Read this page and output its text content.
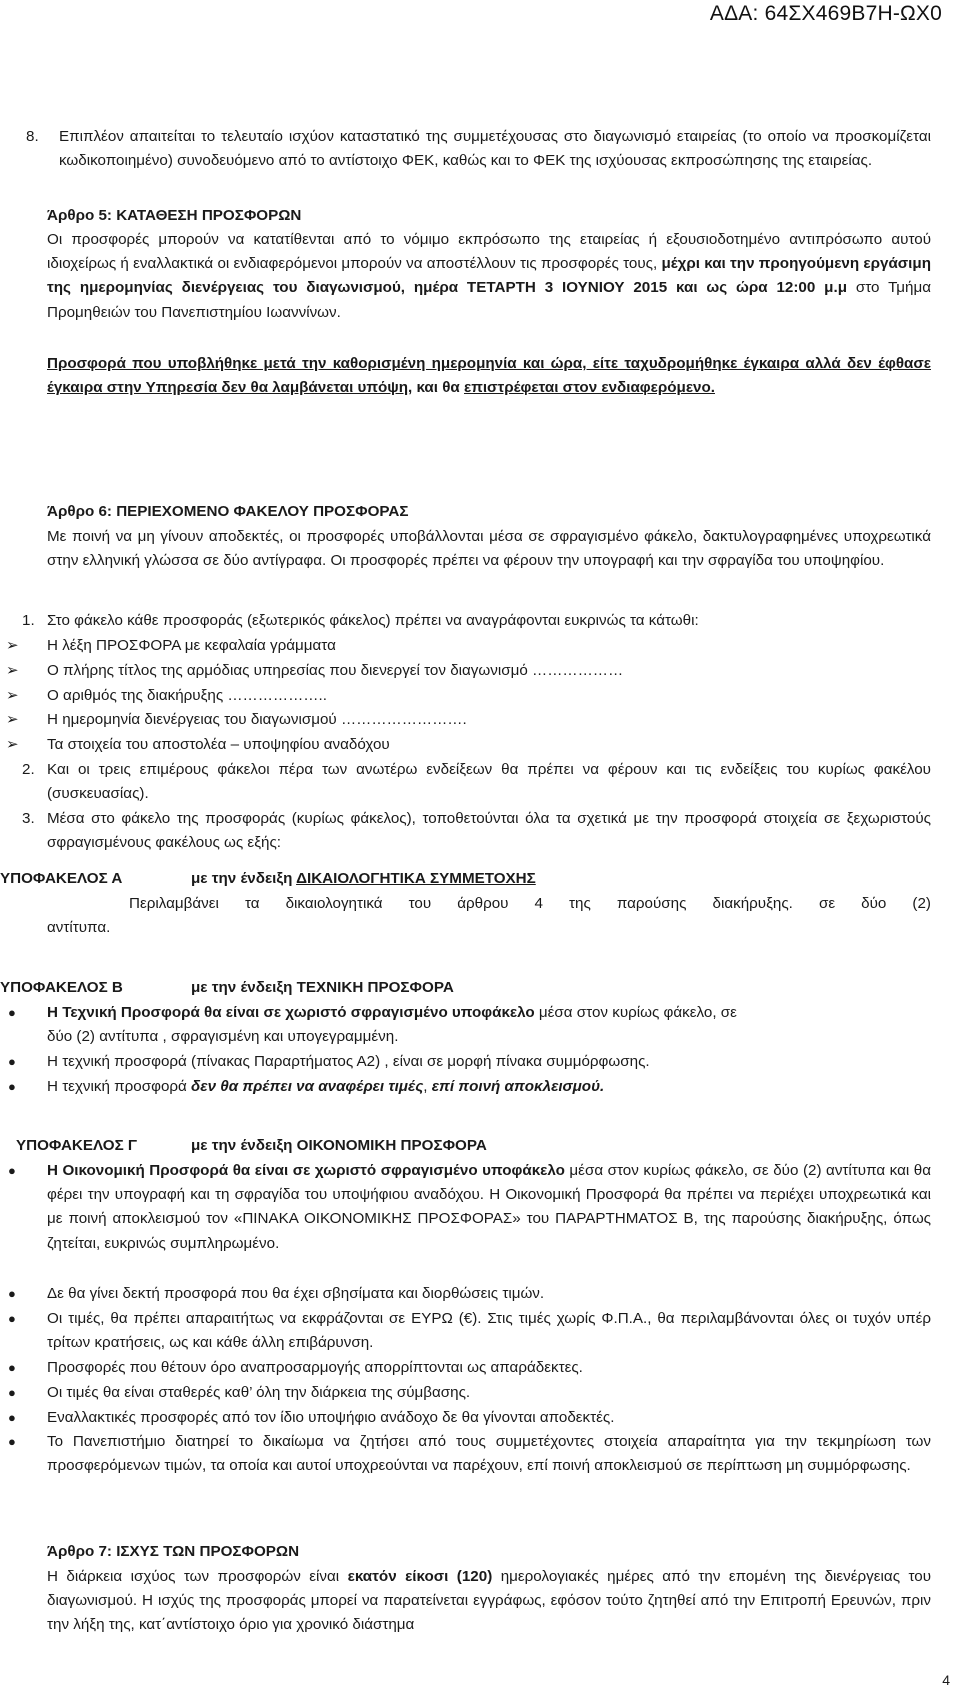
ΑΔΑ: 64ΣΧ469Β7Η-ΩΧ0
8. Επιπλέον απαιτείται το τελευταίο ισχύον καταστατικό της συμμετέχουσας στο διαγωνισμό εταιρείας (το οποίο να προσκομίζεται κωδικοποιημένο) συνοδευόμενο από το αντίστοιχο ΦΕΚ, καθώς και το ΦΕΚ της ισχύουσας εκπροσώπησης της εταιρείας.
Άρθρο 5: ΚΑΤΑΘΕΣΗ ΠΡΟΣΦΟΡΩΝ
Οι προσφορές μπορούν να κατατίθενται από το νόμιμο εκπρόσωπο της εταιρείας ή εξουσιοδοτημένο αντιπρόσωπο αυτού ιδιοχείρως ή εναλλακτικά οι ενδιαφερόμενοι μπορούν να αποστέλλουν τις προσφορές τους, μέχρι και την προηγούμενη εργάσιμη της ημερομηνίας διενέργειας του διαγωνισμού, ημέρα ΤΕΤΑΡΤΗ 3 ΙΟΥΝΙΟΥ 2015 και ως ώρα 12:00 μ.μ στο Τμήμα Προμηθειών του Πανεπιστημίου Ιωαννίνων.
Προσφορά που υποβλήθηκε μετά την καθορισμένη ημερομηνία και ώρα, είτε ταχυδρομήθηκε έγκαιρα αλλά δεν έφθασε έγκαιρα στην Υπηρεσία δεν θα λαμβάνεται υπόψη, και θα επιστρέφεται στον ενδιαφερόμενο.
Άρθρο 6: ΠΕΡΙΕΧΟΜΕΝΟ ΦΑΚΕΛΟΥ ΠΡΟΣΦΟΡΑΣ
Με ποινή να μη γίνουν αποδεκτές, οι προσφορές υποβάλλονται μέσα σε σφραγισμένο φάκελο, δακτυλογραφημένες υποχρεωτικά στην ελληνική γλώσσα σε δύο αντίγραφα. Οι προσφορές πρέπει να φέρουν την υπογραφή και την σφραγίδα του υποψηφίου.
1. Στο φάκελο κάθε προσφοράς (εξωτερικός φάκελος) πρέπει να αναγράφονται ευκρινώς τα κάτωθι:
➢ Η λέξη ΠΡΟΣΦΟΡΑ με κεφαλαία γράμματα
➢ Ο πλήρης τίτλος της αρμόδιας υπηρεσίας που διενεργεί τον διαγωνισμό ………………
➢ Ο αριθμός της διακήρυξης ………………..
➢ Η ημερομηνία διενέργειας του διαγωνισμού …………………….
➢ Τα στοιχεία του αποστολέα – υποψηφίου αναδόχου
2. Και οι τρεις επιμέρους φάκελοι πέρα των ανωτέρω ενδείξεων θα πρέπει να φέρουν και τις ενδείξεις του κυρίως φακέλου (συσκευασίας).
3. Μέσα στο φάκελο της προσφοράς (κυρίως φάκελος), τοποθετούνται όλα τα σχετικά με την προσφορά στοιχεία σε ξεχωριστούς σφραγισμένους φακέλους ως εξής:
ΥΠΟΦΑΚΕΛΟΣ Α	με την ένδειξη ΔΙΚΑΙΟΛΟΓΗΤΙΚΑ ΣΥΜΜΕΤΟΧΗΣ
Περιλαμβάνει τα δικαιολογητικά του άρθρου 4 της παρούσης διακήρυξης. σε δύο (2)
αντίτυπα.
ΥΠΟΦΑΚΕΛΟΣ Β	με την ένδειξη ΤΕΧΝΙΚΗ ΠΡΟΣΦΟΡΑ
● Η Τεχνική Προσφορά θα είναι σε χωριστό σφραγισμένο υποφάκελο μέσα στον κυρίως φάκελο, σε
δύο (2) αντίτυπα , σφραγισμένη και υπογεγραμμένη.
● Η τεχνική προσφορά (πίνακας Παραρτήματος Α2) , είναι σε μορφή πίνακα συμμόρφωσης.
● Η τεχνική προσφορά δεν θα πρέπει να αναφέρει τιμές, επί ποινή αποκλεισμού.
ΥΠΟΦΑΚΕΛΟΣ Γ	με την ένδειξη ΟΙΚΟΝΟΜΙΚΗ ΠΡΟΣΦΟΡΑ
● Η Οικονομική Προσφορά θα είναι σε χωριστό σφραγισμένο υποφάκελο μέσα στον κυρίως φάκελο, σε δύο (2) αντίτυπα και θα φέρει την υπογραφή και τη σφραγίδα του υποψήφιου αναδόχου. Η Οικονομική Προσφορά θα πρέπει να περιέχει υποχρεωτικά και με ποινή αποκλεισμού τον «ΠΙΝΑΚΑ ΟΙΚΟΝΟΜΙΚΗΣ ΠΡΟΣΦΟΡΑΣ» του ΠΑΡΑΡΤΗΜΑΤΟΣ Β, της παρούσης διακήρυξης, όπως ζητείται, ευκρινώς συμπληρωμένο.
● Δε θα γίνει δεκτή προσφορά που θα έχει σβησίματα και διορθώσεις τιμών.
● Οι τιμές, θα πρέπει απαραιτήτως να εκφράζονται σε ΕΥΡΩ (€). Στις τιμές χωρίς Φ.Π.Α., θα περιλαμβάνονται όλες οι τυχόν υπέρ τρίτων κρατήσεις, ως και κάθε άλλη επιβάρυνση.
● Προσφορές που θέτουν όρο αναπροσαρμογής απορρίπτονται ως απαράδεκτες.
● Οι τιμές θα είναι σταθερές καθ’ όλη την διάρκεια της σύμβασης.
● Εναλλακτικές προσφορές από τον ίδιο υποψήφιο ανάδοχο δε θα γίνονται αποδεκτές.
● Το Πανεπιστήμιο διατηρεί το δικαίωμα να ζητήσει από τους συμμετέχοντες στοιχεία απαραίτητα για την τεκμηρίωση των προσφερόμενων τιμών, τα οποία και αυτοί υποχρεούνται να παρέχουν, επί ποινή αποκλεισμού σε περίπτωση μη συμμόρφωσης.
Άρθρο 7: ΙΣΧΥΣ ΤΩΝ ΠΡΟΣΦΟΡΩΝ
Η διάρκεια ισχύος των προσφορών είναι εκατόν είκοσι (120) ημερολογιακές ημέρες από την επομένη της διενέργειας του διαγωνισμού. Η ισχύς της προσφοράς μπορεί να παρατείνεται εγγράφως, εφόσον τούτο ζητηθεί από την Επιτροπή Ερευνών, πριν την λήξη της, κατ΄αντίστοιχο όριο για χρονικό διάστημα
4
